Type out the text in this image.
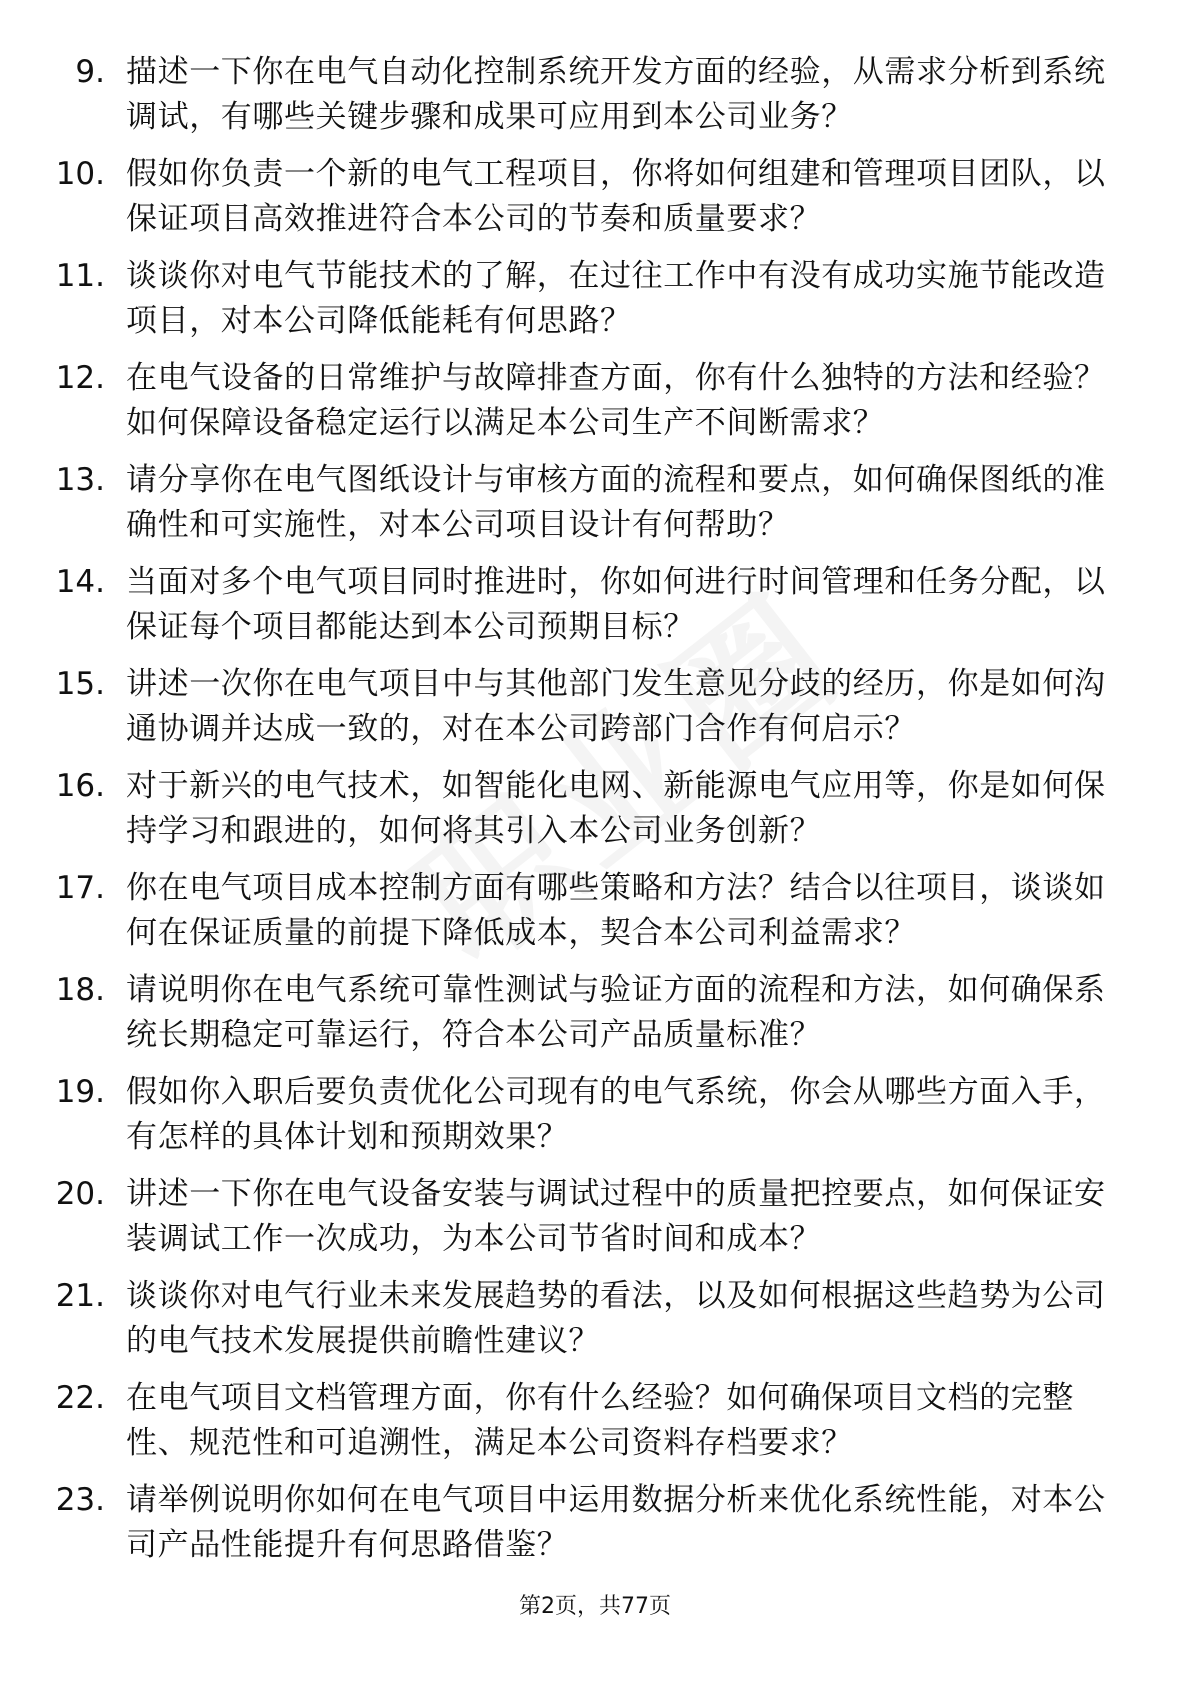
9. 描述一下你在电气自动化控制系统开发方面的经验，从需求分析到系统调试，有哪些关键步骤和成果可应用到本公司业务？
10. 假如你负责一个新的电气工程项目，你将如何组建和管理项目团队，以保证项目高效推进符合本公司的节奏和质量要求？
11. 谈谈你对电气节能技术的了解，在过往工作中有没有成功实施节能改造项目，对本公司降低能耗有何思路？
12. 在电气设备的日常维护与故障排查方面，你有什么独特的方法和经验？如何保障设备稳定运行以满足本公司生产不间断需求？
13. 请分享你在电气图纸设计与审核方面的流程和要点，如何确保图纸的准确性和可实施性，对本公司项目设计有何帮助？
14. 当面对多个电气项目同时推进时，你如何进行时间管理和任务分配，以保证每个项目都能达到本公司预期目标？
15. 讲述一次你在电气项目中与其他部门发生意见分歧的经历，你是如何沟通协调并达成一致的，对在本公司跨部门合作有何启示？
16. 对于新兴的电气技术，如智能化电网、新能源电气应用等，你是如何保持学习和跟进的，如何将其引入本公司业务创新？
17. 你在电气项目成本控制方面有哪些策略和方法？结合以往项目，谈谈如何在保证质量的前提下降低成本，契合本公司利益需求？
18. 请说明你在电气系统可靠性测试与验证方面的流程和方法，如何确保系统长期稳定可靠运行，符合本公司产品质量标准？
19. 假如你入职后要负责优化公司现有的电气系统，你会从哪些方面入手，有怎样的具体计划和预期效果？
20. 讲述一下你在电气设备安装与调试过程中的质量把控要点，如何保证安装调试工作一次成功，为本公司节省时间和成本？
21. 谈谈你对电气行业未来发展趋势的看法，以及如何根据这些趋势为公司的电气技术发展提供前瞻性建议？
22. 在电气项目文档管理方面，你有什么经验？如何确保项目文档的完整性、规范性和可追溯性，满足本公司资料存档要求？
23. 请举例说明你如何在电气项目中运用数据分析来优化系统性能，对本公司产品性能提升有何思路借鉴？
第2页，共77页
